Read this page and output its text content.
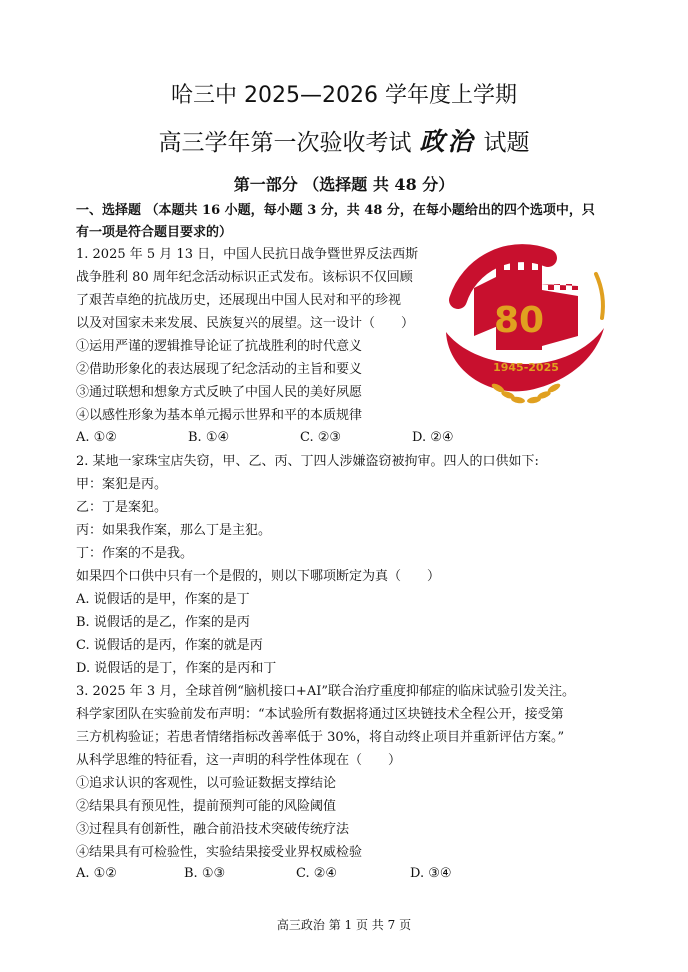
哈三中 2025—2026 学年度上学期
高三学年第一次验收考试 政治 试题
第一部分 （选择题 共 48 分）
一、选择题 （本题共 16 小题，每小题 3 分，共 48 分，在每小题给出的四个选项中，只
有一项是符合题目要求的）
1. 2025 年 5 月 13 日，中国人民抗日战争暨世界反法西斯
战争胜利 80 周年纪念活动标识正式发布。该标识不仅回顾
了艰苦卓绝的抗战历史，还展现出中国人民对和平的珍视
以及对国家未来发展、民族复兴的展望。这一设计（　　）
①运用严谨的逻辑推导论证了抗战胜利的时代意义
②借助形象化的表达展现了纪念活动的主旨和要义
③通过联想和想象方式反映了中国人民的美好夙愿
④以感性形象为基本单元揭示世界和平的本质规律
A. ①②	B. ①④	C. ②③	D. ②④
80
1945-2025
2. 某地一家珠宝店失窃，甲、乙、丙、丁四人涉嫌盗窃被拘审。四人的口供如下:
甲：案犯是丙。
乙：丁是案犯。
丙：如果我作案，那么丁是主犯。
丁：作案的不是我。
如果四个口供中只有一个是假的，则以下哪项断定为真（　　）
A. 说假话的是甲，作案的是丁
B. 说假话的是乙，作案的是丙
C. 说假话的是丙，作案的就是丙
D. 说假话的是丁，作案的是丙和丁
3. 2025 年 3 月，全球首例“脑机接口+AI”联合治疗重度抑郁症的临床试验引发关注。
科学家团队在实验前发布声明：“本试验所有数据将通过区块链技术全程公开，接受第
三方机构验证；若患者情绪指标改善率低于 30%，将自动终止项目并重新评估方案。”
从科学思维的特征看，这一声明的科学性体现在（　　）
①追求认识的客观性，以可验证数据支撑结论
②结果具有预见性，提前预判可能的风险阈值
③过程具有创新性，融合前沿技术突破传统疗法
④结果具有可检验性，实验结果接受业界权威检验
A. ①②	B. ①③	C. ②④	D. ③④
高三政治 第 1 页 共 7 页
